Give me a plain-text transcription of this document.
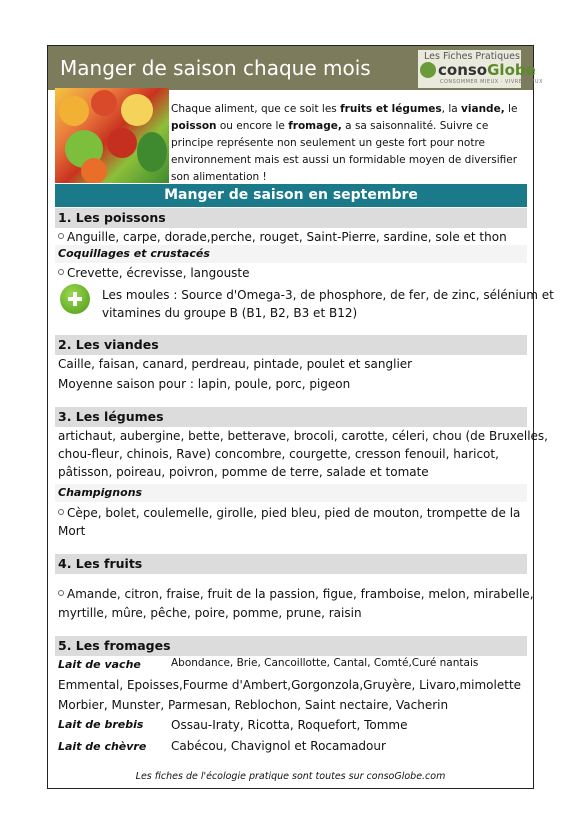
Manger de saison chaque mois	Les Fiches Pratiques
consoGlobe
CONSOMMER MIEUX · VIVRE MIEUX

Chaque aliment, que ce soit les fruits et légumes, la viande, le poisson ou encore le fromage, a sa saisonnalité. Suivre ce principe représente non seulement un geste fort pour notre environnement mais est aussi un formidable moyen de diversifier son alimentation !

Manger de saison en septembre
1. Les poissons
Anguille, carpe, dorade,perche, rouget, Saint-Pierre, sardine, sole et thon
Coquillages et crustacés
Crevette, écrevisse, langouste
Les moules : Source d'Omega-3, de phosphore, de fer, de zinc, sélénium et
vitamines du groupe B (B1, B2, B3 et B12)
2. Les viandes
Caille, faisan, canard, perdreau, pintade, poulet et sanglier
Moyenne saison pour : lapin, poule, porc, pigeon
3. Les légumes
artichaut, aubergine, bette, betterave, brocoli, carotte, céleri, chou (de Bruxelles,
chou-fleur, chinois, Rave) concombre, courgette, cresson fenouil, haricot,
pâtisson, poireau, poivron, pomme de terre, salade et tomate
Champignons
Cèpe, bolet, coulemelle, girolle, pied bleu, pied de mouton, trompette de la
Mort
4. Les fruits
Amande, citron, fraise, fruit de la passion, figue, framboise, melon, mirabelle,
myrtille, mûre, pêche, poire, pomme, prune, raisin
5. Les fromages
Lait de vache	Abondance, Brie, Cancoillotte, Cantal, Comté,Curé nantais
Emmental, Epoisses,Fourme d'Ambert,Gorgonzola,Gruyère, Livaro,mimolette
Morbier, Munster, Parmesan, Reblochon, Saint nectaire, Vacherin
Lait de brebis Ossau-Iraty, Ricotta, Roquefort, Tomme
Lait de chèvre Cabécou, Chavignol et Rocamadour
Les fiches de l'écologie pratique sont toutes sur consoGlobe.com
